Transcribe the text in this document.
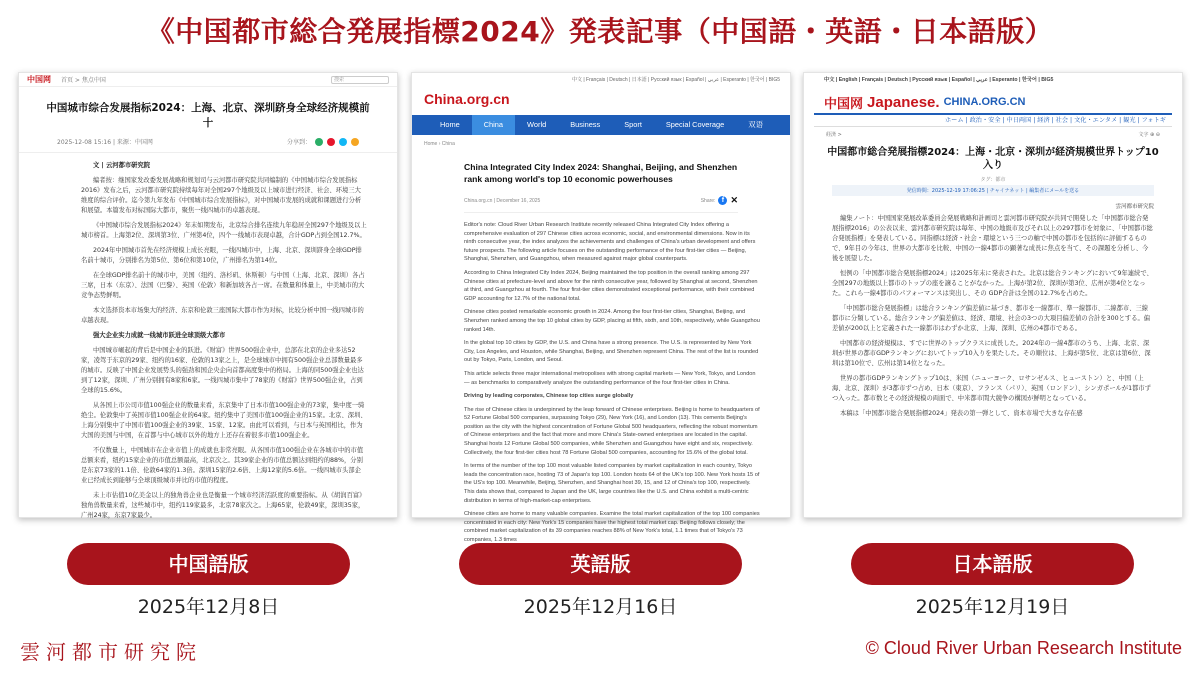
《中国都市総合発展指標2024》発表記事（中国語・英語・日本語版）
中国网 首页 > 焦点中国	搜索
中国城市综合发展指标2024：上海、北京、深圳跻身全球经济规模前十
2025-12-08 15:16 | 来源：中国网	分享到：
文 | 云河都市研究院
编者按：继国家发改委发展战略和规划司与云河都市研究院共同编制的《中国城市综合发展指标2016》发布之后，云河都市研究院持续每年对全国297个地级及以上城市进行经济、社会、环境三大维度的综合评价。迄今第九年发布《中国城市综合发展指标》，对中国城市发展的成就和课题进行分析和展望。本篇发布对标国际大都市，聚焦一线四城市的卓越表现。
《中国城市综合发展指标2024》年末如期发布，北京综合排名连续九年稳居全国297个地级及以上城市榜首。上海第2位、深圳第3位、广州第4位，四个一线城市表现卓越，合计GDP占到全国12.7%。
2024年中国城市首先在经济规模上成长亮眼，一线四城市中，上海、北京、深圳跻身全球GDP排名前十城市，分别排名为第5位、第6位和第10位，广州排名为第14位。
在全球GDP排名前十的城市中，美国（纽约、洛杉矶、休斯顿）与中国（上海、北京、深圳）各占三席，日本（东京）、法国（巴黎）、英国（伦敦）和新加坡各占一席。在数量和体量上，中美城市的大竞争态势鲜明。
本文选择资本市场集大的经济、东京和伦敦三座国际大都市作为对标，比较分析中国一线四城市的卓越表现。
强大企业实力成就一线城市跃进全球顶级大都市
中国城市崛起的背后是中国企业的跃进。《财富》世界500强企业中，总部在北京的企业多达52家，凌驾于东京的29家、纽约的16家、伦敦的13家之上，是全球城市中拥有500强企业总部数量最多的城市。反映了中国企业发展势头的强劲和国企央企向首都高度集中的格局。上海的同500强企业也达到了12家，深圳、广州分别拥有8家和6家。一线四城市集中了78家的《财富》世界500强企业，占到全球的15.6%。
从各国上市公司市值100强企业的数量来看，东京集中了日本市值100强企业的73家，集中度一骑绝尘。伦敦集中了英国市值100强企业的64家。纽约集中了美国市值100强企业的15家。北京、深圳、上海分别集中了中国市值100强企业的39家、15家、12家。由此可以看到，与日本与英国相比，作为大国的美国与中国，在首都与中心城市以外的地方上还存在着很多市值100强企业。
不仅数量上，中国城市在企业市值上的成就也非常亮眼。从各国市值100强企业在各城市中的市值总额来看，纽约15家企业的市值总额最高，北京次之。其39家企业的市值总额达到纽约的88%，分别是东京73家的1.1倍、伦敦64家的1.3倍。深圳15家的2.6倍、上海12家的5.6倍。一线四城市头部企业已经成长到能够与全球顶级城市并比的市值的程度。
未上市估值10亿美金以上的独角兽企业也是衡量一个城市经济活跃度的重要指标。从《胡润百富》独角兽数量来看，这些城市中，纽约119家最多，北京78家次之。上海65家，伦敦49家，深圳35家，广州24家，东京7家最少。
中文 | Français | Deutsch | 日本語 | Русский язык | Español | عربي | Esperanto | 한국어 | BIG5
China.org.cn
Home	China	World	Business	Sport	Special Coverage	双语
Home › China
China Integrated City Index 2024: Shanghai, Beijing, and Shenzhen rank among world's top 10 economic powerhouses
China.org.cn | December 16, 2025	Share: f ✕
Editor's note: Cloud River Urban Research Institute recently released China Integrated City Index offering a comprehensive evaluation of 297 Chinese cities across economic, social, and environmental dimensions. Now in its ninth consecutive year, the index analyzes the achievements and challenges of China's urban development and offers future prospects. The following article focuses on the outstanding performance of the four first-tier cities — Beijing, Shanghai, Shenzhen, and Guangzhou, when measured against major global counterparts.
According to China Integrated City Index 2024, Beijing maintained the top position in the overall ranking among 297 Chinese cities at prefecture-level and above for the ninth consecutive year, followed by Shanghai at second, Shenzhen at third, and Guangzhou at fourth. The four first-tier cities demonstrated exceptional performance, with their combined GDP accounting for 12.7% of the national total.
Chinese cities posted remarkable economic growth in 2024. Among the four first-tier cities, Shanghai, Beijing, and Shenzhen ranked among the top 10 global cities by GDP, placing at fifth, sixth, and 10th, respectively, while Guangzhou ranked 14th.
In the global top 10 cities by GDP, the U.S. and China have a strong presence. The U.S. is represented by New York City, Los Angeles, and Houston, while Shanghai, Beijing, and Shenzhen represent China. The rest of the list is rounded out by Tokyo, Paris, London, and Seoul.
This article selects three major international metropolises with strong capital markets — New York, Tokyo, and London — as benchmarks to comparatively analyze the outstanding performance of the four first-tier cities in China.
Driving by leading corporates, Chinese top cities surge globally
The rise of Chinese cities is underpinned by the leap forward of Chinese enterprises. Beijing is home to headquarters of 52 Fortune Global 500 companies, surpassing Tokyo (29), New York (16), and London (13). This cements Beijing's position as the city with the highest concentration of Fortune Global 500 headquarters, reflecting the robust momentum of Chinese enterprises and the fact that more and more China's State-owned enterprises are located in the capital. Shanghai hosts 12 Fortune Global 500 companies, while Shenzhen and Guangzhou have eight and six, respectively. Collectively, the four first-tier cities host 78 Fortune Global 500 companies, accounting for 15.6% of the global total.
In terms of the number of the top 100 most valuable listed companies by market capitalization in each country, Tokyo leads the concentration race, hosting 73 of Japan's top 100. London hosts 64 of the UK's top 100. New York hosts 15 of the US's top 100. Meanwhile, Beijing, Shenzhen, and Shanghai host 39, 15, and 12 of China's top 100, respectively. This data shows that, compared to Japan and the UK, large countries like the U.S. and China exhibit a multi-centric distribution in terms of high-market-cap enterprises.
Chinese cities are home to many valuable companies. Examine the total market capitalization of the top 100 companies concentrated in each city: New York's 15 companies have the highest total market cap. Beijing follows closely; the combined market capitalization of its 39 companies reaches 88% of New York's total, 1.1 times that of Tokyo's 73 companies, 1.3 times
中文 | English | Français | Deutsch | Русский язык | Español | عربي | Esperanto | 한국어 | BIG5
中国网 Japanese. CHINA.ORG.CN
ホーム | 政治・安全 | 中日両国 | 経済 | 社会 | 文化・エンタメ | 観光 | フォトギ
経済 >	文字 ⊕ ⊖
中国都市総合発展指標2024：上海・北京・深圳が経済規模世界トップ10入り
タグ：都市
発信時間：2025-12-19 17:06:25 | チャイナネット | 編集者にメールを送る
雲河都市研究院
編集ノート：中国国家発展改革委員会発展戦略和計画司と雲河都市研究院が共同で開発した「中国都市総合発展指標2016」の公表以来、雲河都市研究院は毎年、中国の地級市及びそれ以上の297都市を対象に、「中国都市総合発展指標」を発表している。同指標は経済・社会・環境という三つの軸で中国の都市を包括的に評価するもので、9年目の今年は、世界の大都市を比較、中国の一線4都市の顕著な成長に焦点を当て、その課題を分析し、今後を展望した。
恒例の「中国都市総合発展指標2024」は2025年末に発表された。北京は総合ランキングにおいて9年連続で、全国297の地級以上都市のトップの座を譲ることがなかった。上海が第2位、深圳が第3位、広州が第4位となった。これら一線4都市のパフォーマンスは突出し、その GDP合計は全国の12.7%を占めた。
「中国都市総合発展指標」は総合ランキング偏差値に基づき、都市を一線都市、準一線都市、二線都市、三線都市に分類している。総合ランキング偏差値は、経済、環境、社会の3つの大項目偏差値の合計を300とする。偏差値が200以上と定義された一線都市はわずか北京、上海、深圳、広州の4都市である。
中国都市の経済規模は、すでに世界のトップクラスに成長した。2024年の一線4都市のうち、上海、北京、深圳が世界の都市GDPランキングにおいてトップ10入りを果たした。その順位は、上海が第5位、北京は第6位、深圳は第10位で、広州は第14位となった。
世界の都市GDPランキングトップ10は、米国（ニューヨーク、ロサンゼルス、ヒューストン）と、中国（上海、北京、深圳）が3都市ずつ占め、日本（東京）、フランス（パリ）、英国（ロンドン）、シンガポールが1都市ずつ入った。都市数とその経済規模の両面で、中米都市間大競争の構図が鮮明となっている。
本稿は「中国都市総合発展指標2024」発表の第一弾として、資本市場で大きな存在感
中国語版	英語版	日本語版
2025年12月8日	2025年12月16日	2025年12月19日
雲河都市研究院	© Cloud River Urban Research Institute
